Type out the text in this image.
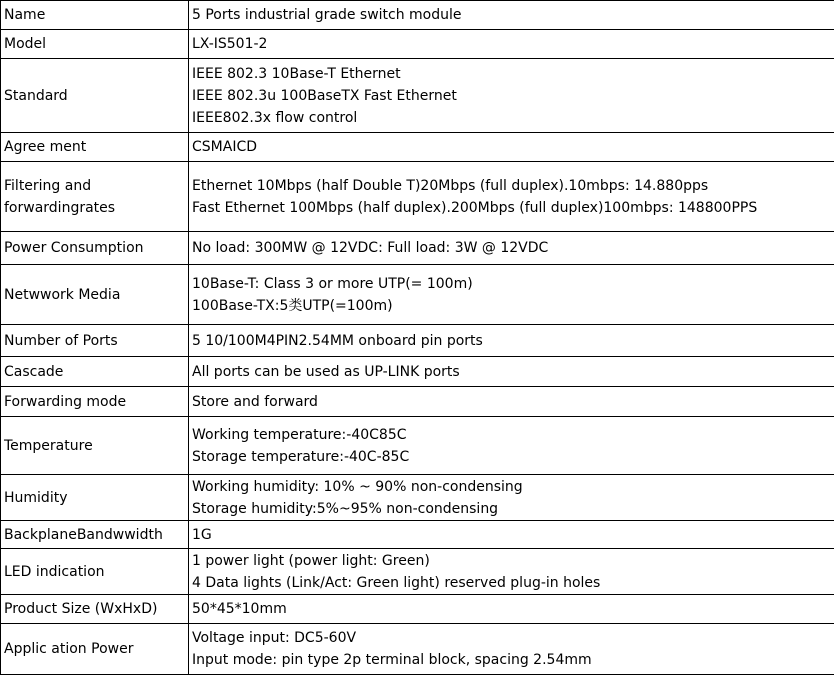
Name	5 Ports industrial grade switch module

Model	LX-IS501-2

Standard	IEEE 802.3 10Base-T Ethernet
IEEE 802.3u 100BaseTX Fast Ethernet
IEEE802.3x flow control

Agree ment	CSMAICD

Filtering and
forwardingrates	Ethernet 10Mbps (half Double T)20Mbps (full duplex).10mbps: 14.880pps
Fast Ethernet 100Mbps (half duplex).200Mbps (full duplex)100mbps: 148800PPS

Power Consumption	No load: 300MW @ 12VDC: Full load: 3W @ 12VDC

Netwwork Media	10Base-T: Class 3 or more UTP(= 100m)
100Base-TX:5类UTP(=100m)

Number of Ports	5 10/100M4PIN2.54MM onboard pin ports

Cascade	All ports can be used as UP-LINK ports

Forwarding mode	Store and forward

Temperature	Working temperature:-40C85C
Storage temperature:-40C-85C

Humidity	Working humidity: 10% ~ 90% non-condensing
Storage humidity:5%~95% non-condensing

BackplaneBandwwidth	1G

LED indication	1 power light (power light: Green)
4 Data lights (Link/Act: Green light) reserved plug-in holes

Product Size (WxHxD)	50*45*10mm

Applic ation Power	Voltage input: DC5-60V
Input mode: pin type 2p terminal block, spacing 2.54mm
